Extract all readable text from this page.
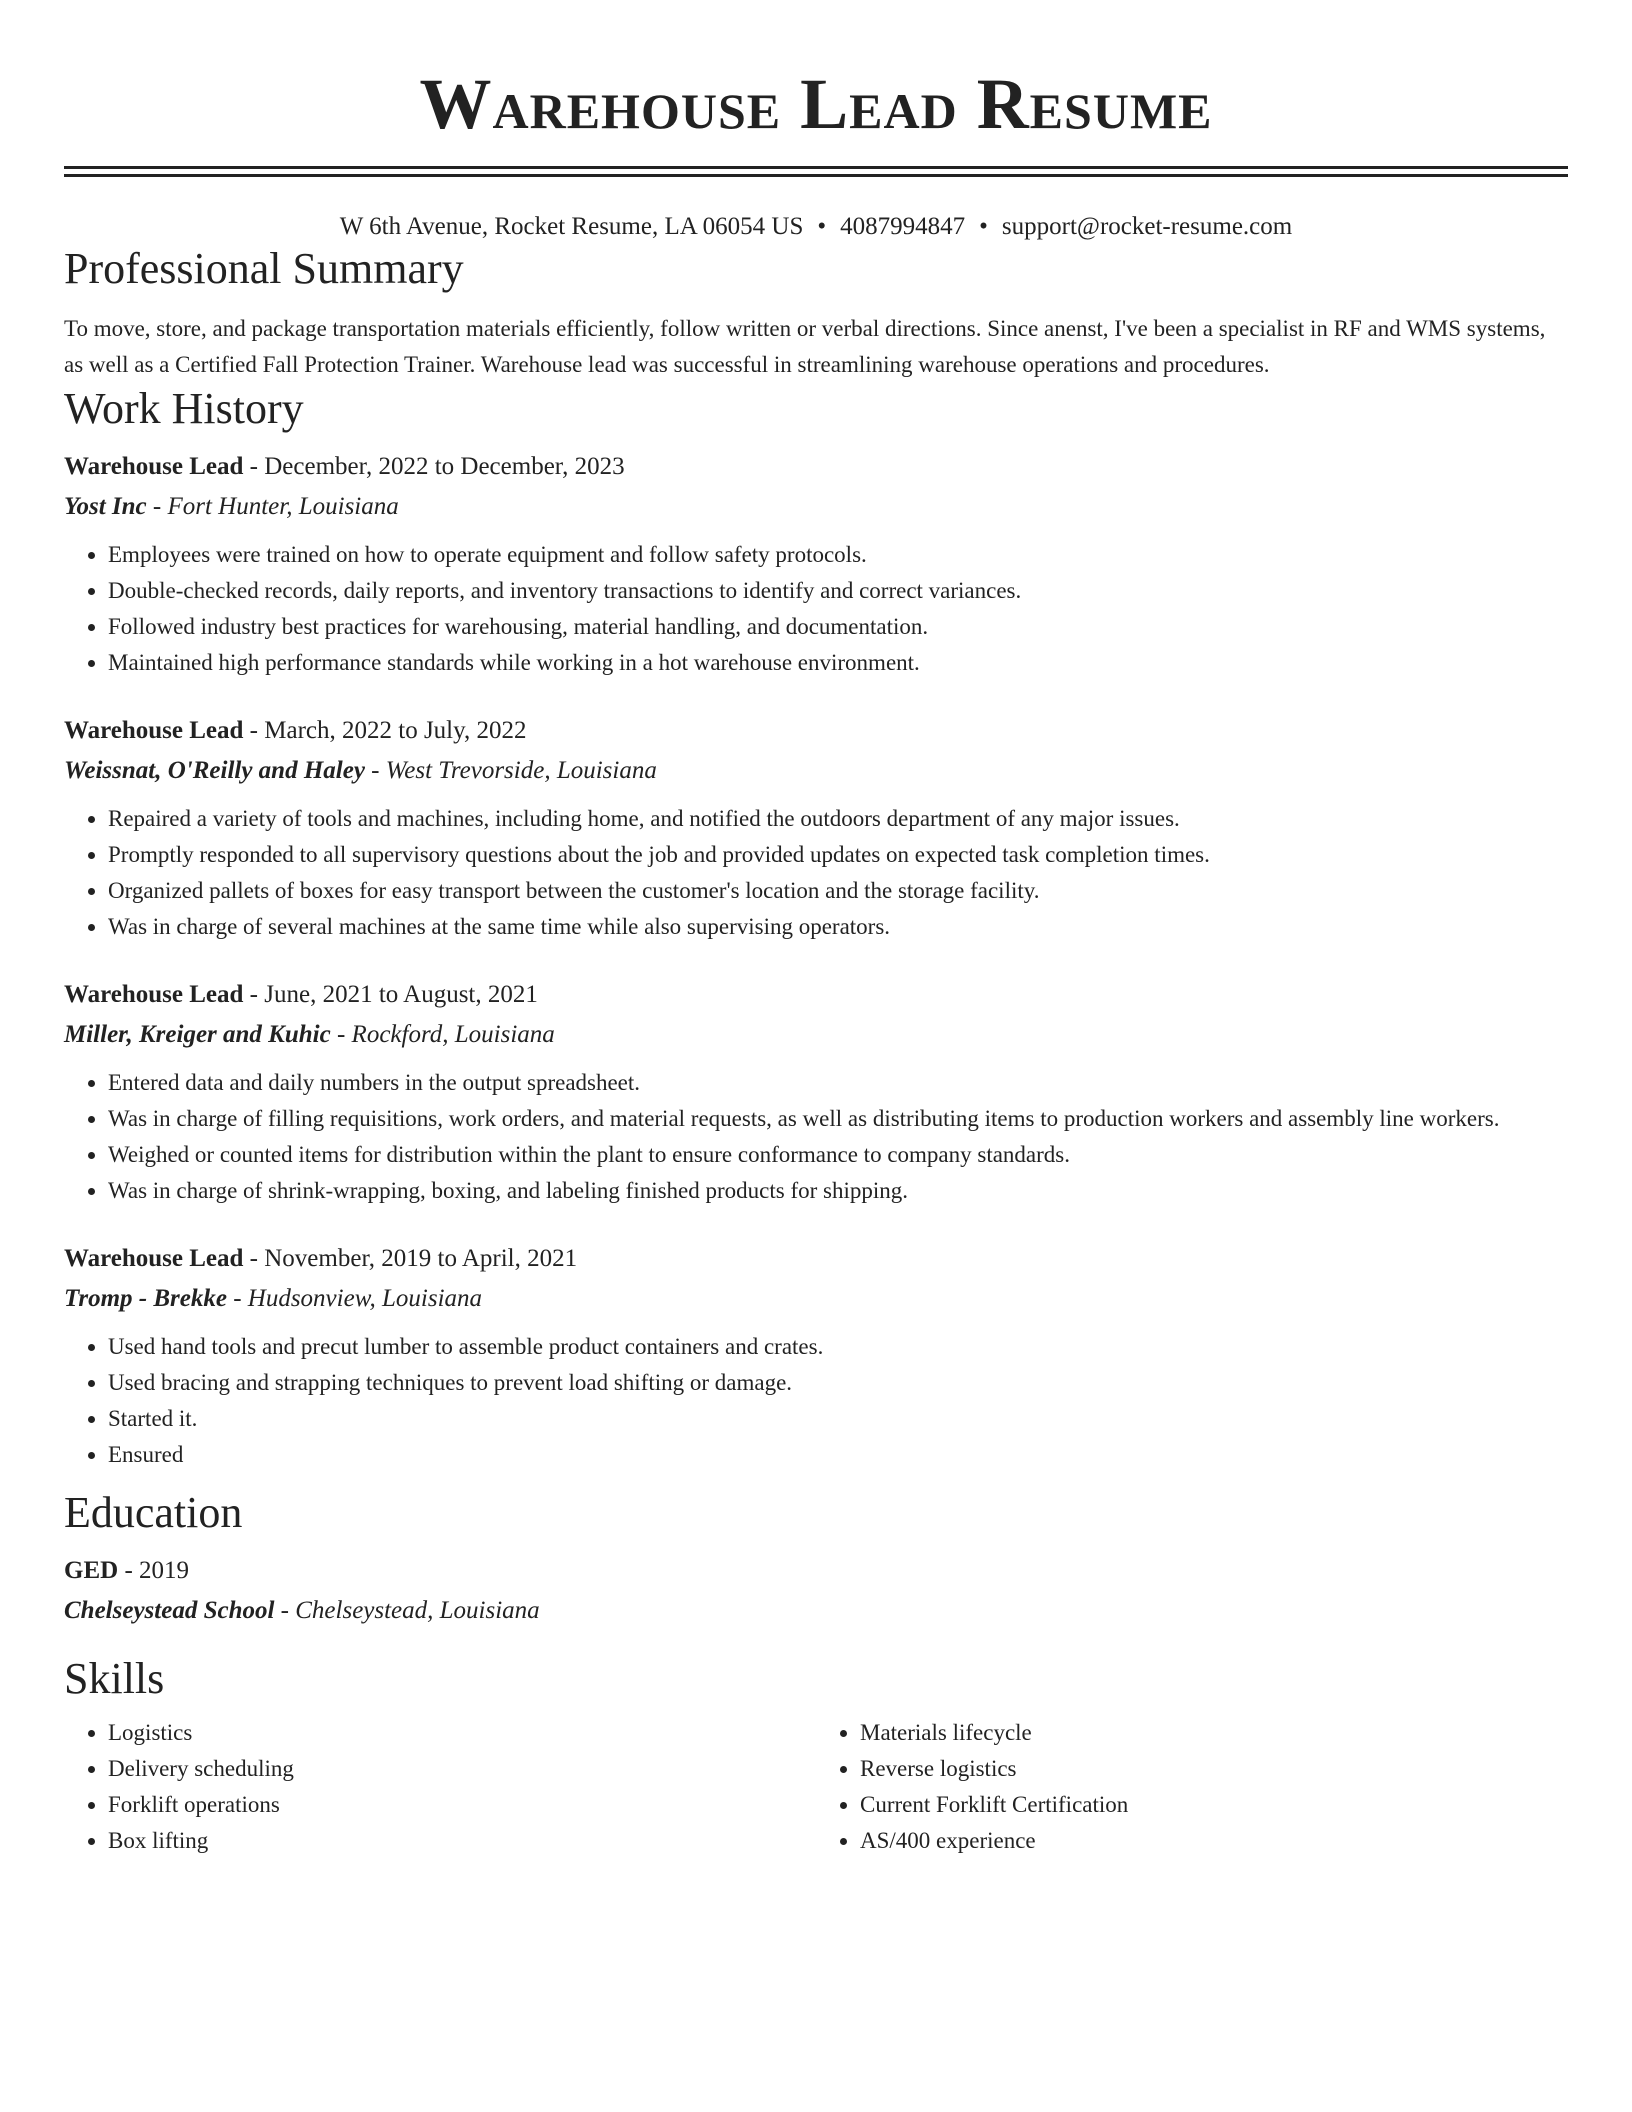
Warehouse Lead Resume
W 6th Avenue, Rocket Resume, LA 06054 US • 4087994847 • support@rocket-resume.com
Professional Summary

To move, store, and package transportation materials efficiently, follow written or verbal directions. Since anenst, I've been a specialist in RF and WMS systems, as well as a Certified Fall Protection Trainer. Warehouse lead was successful in streamlining warehouse operations and procedures.

Work History
Warehouse Lead - December, 2022 to December, 2023
Yost Inc - Fort Hunter, Louisiana
• Employees were trained on how to operate equipment and follow safety protocols.
• Double-checked records, daily reports, and inventory transactions to identify and correct variances.
• Followed industry best practices for warehousing, material handling, and documentation.
• Maintained high performance standards while working in a hot warehouse environment.
Warehouse Lead - March, 2022 to July, 2022
Weissnat, O'Reilly and Haley - West Trevorside, Louisiana
• Repaired a variety of tools and machines, including home, and notified the outdoors department of any major issues.
• Promptly responded to all supervisory questions about the job and provided updates on expected task completion times.
• Organized pallets of boxes for easy transport between the customer's location and the storage facility.
• Was in charge of several machines at the same time while also supervising operators.
Warehouse Lead - June, 2021 to August, 2021
Miller, Kreiger and Kuhic - Rockford, Louisiana
• Entered data and daily numbers in the output spreadsheet.
• Was in charge of filling requisitions, work orders, and material requests, as well as distributing items to production workers and assembly line workers.
• Weighed or counted items for distribution within the plant to ensure conformance to company standards.
• Was in charge of shrink-wrapping, boxing, and labeling finished products for shipping.
Warehouse Lead - November, 2019 to April, 2021
Tromp - Brekke - Hudsonview, Louisiana
• Used hand tools and precut lumber to assemble product containers and crates.
• Used bracing and strapping techniques to prevent load shifting or damage.
• Started it.
• Ensured
Education
GED - 2019
Chelseystead School - Chelseystead, Louisiana
Skills
• Logistics
• Delivery scheduling
• Forklift operations
• Box lifting
• Materials lifecycle
• Reverse logistics
• Current Forklift Certification
• AS/400 experience
